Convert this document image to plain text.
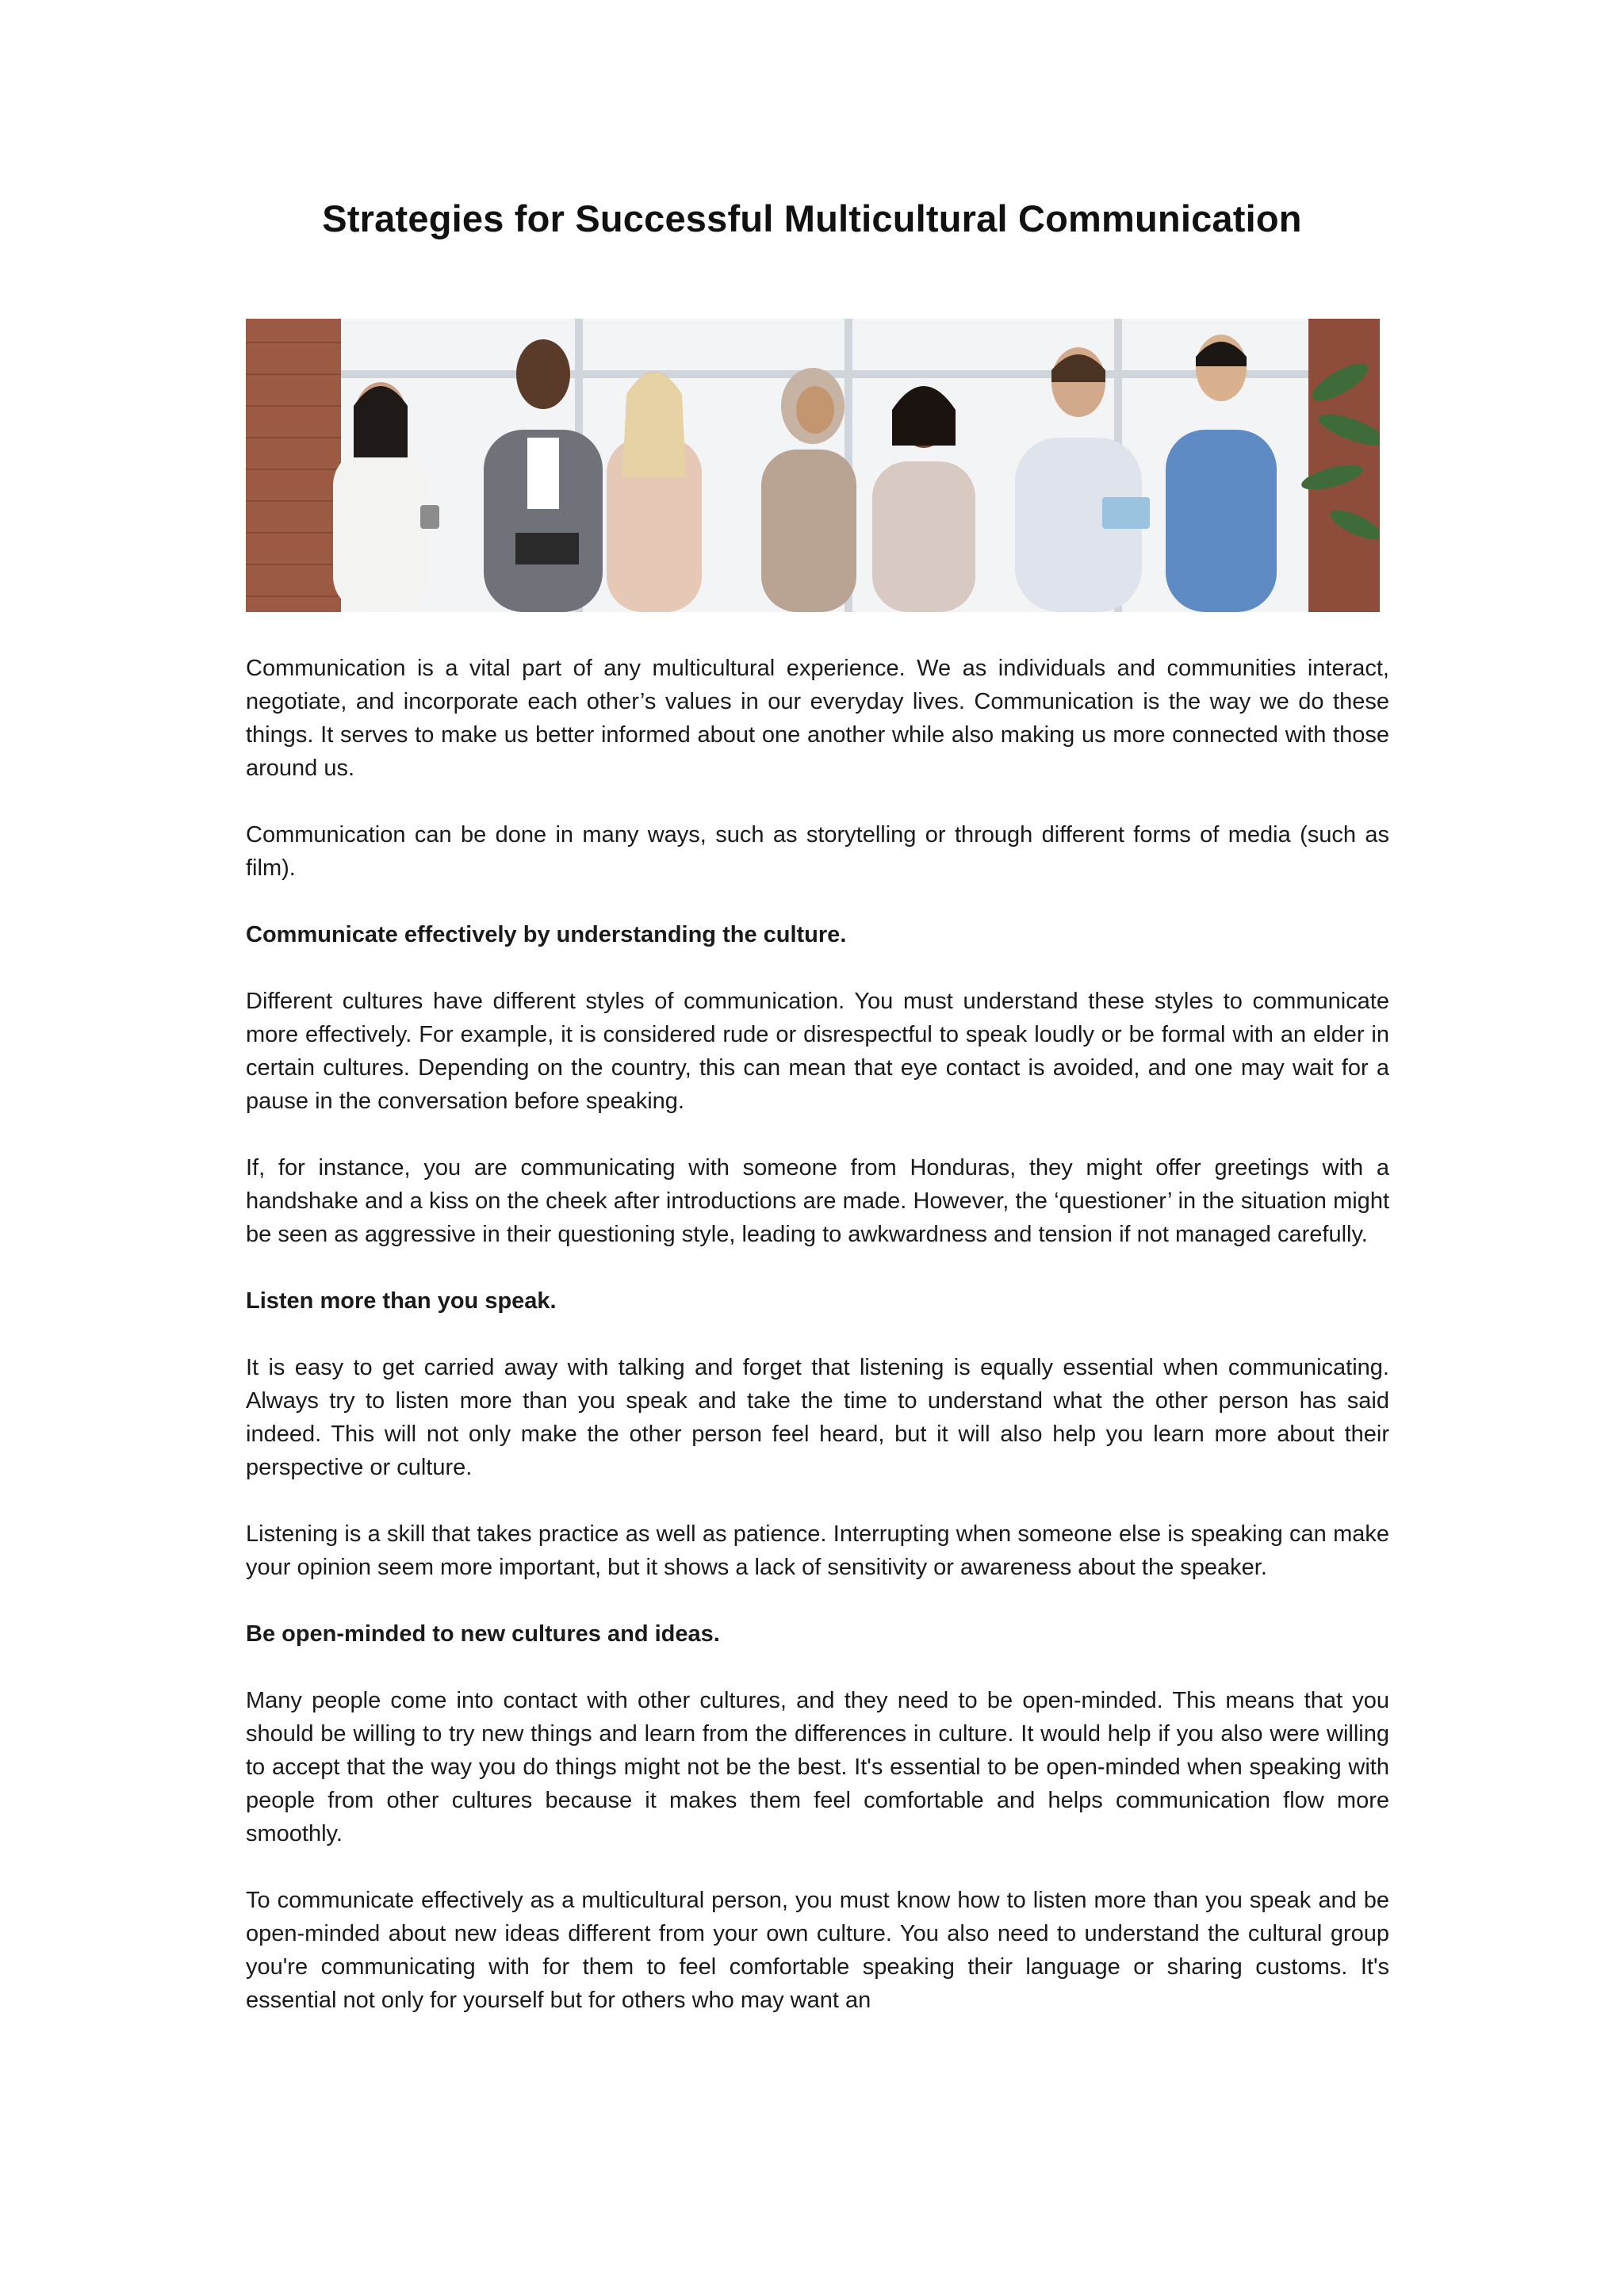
Strategies for Successful Multicultural Communication

Communication is a vital part of any multicultural experience. We as individuals and communities interact, negotiate, and incorporate each other’s values in our everyday lives. Communication is the way we do these things. It serves to make us better informed about one another while also making us more connected with those around us.

Communication can be done in many ways, such as storytelling or through different forms of media (such as film).

Communicate effectively by understanding the culture.

Different cultures have different styles of communication. You must understand these styles to communicate more effectively. For example, it is considered rude or disrespectful to speak loudly or be formal with an elder in certain cultures. Depending on the country, this can mean that eye contact is avoided, and one may wait for a pause in the conversation before speaking.

If, for instance, you are communicating with someone from Honduras, they might offer greetings with a handshake and a kiss on the cheek after introductions are made. However, the ‘questioner’ in the situation might be seen as aggressive in their questioning style, leading to awkwardness and tension if not managed carefully.

Listen more than you speak.

It is easy to get carried away with talking and forget that listening is equally essential when communicating. Always try to listen more than you speak and take the time to understand what the other person has said indeed. This will not only make the other person feel heard, but it will also help you learn more about their perspective or culture.

Listening is a skill that takes practice as well as patience. Interrupting when someone else is speaking can make your opinion seem more important, but it shows a lack of sensitivity or awareness about the speaker.

Be open-minded to new cultures and ideas.

Many people come into contact with other cultures, and they need to be open-minded. This means that you should be willing to try new things and learn from the differences in culture. It would help if you also were willing to accept that the way you do things might not be the best. It's essential to be open-minded when speaking with people from other cultures because it makes them feel comfortable and helps communication flow more smoothly.

To communicate effectively as a multicultural person, you must know how to listen more than you speak and be open-minded about new ideas different from your own culture. You also need to understand the cultural group you're communicating with for them to feel comfortable speaking their language or sharing customs. It's essential not only for yourself but for others who may want an
